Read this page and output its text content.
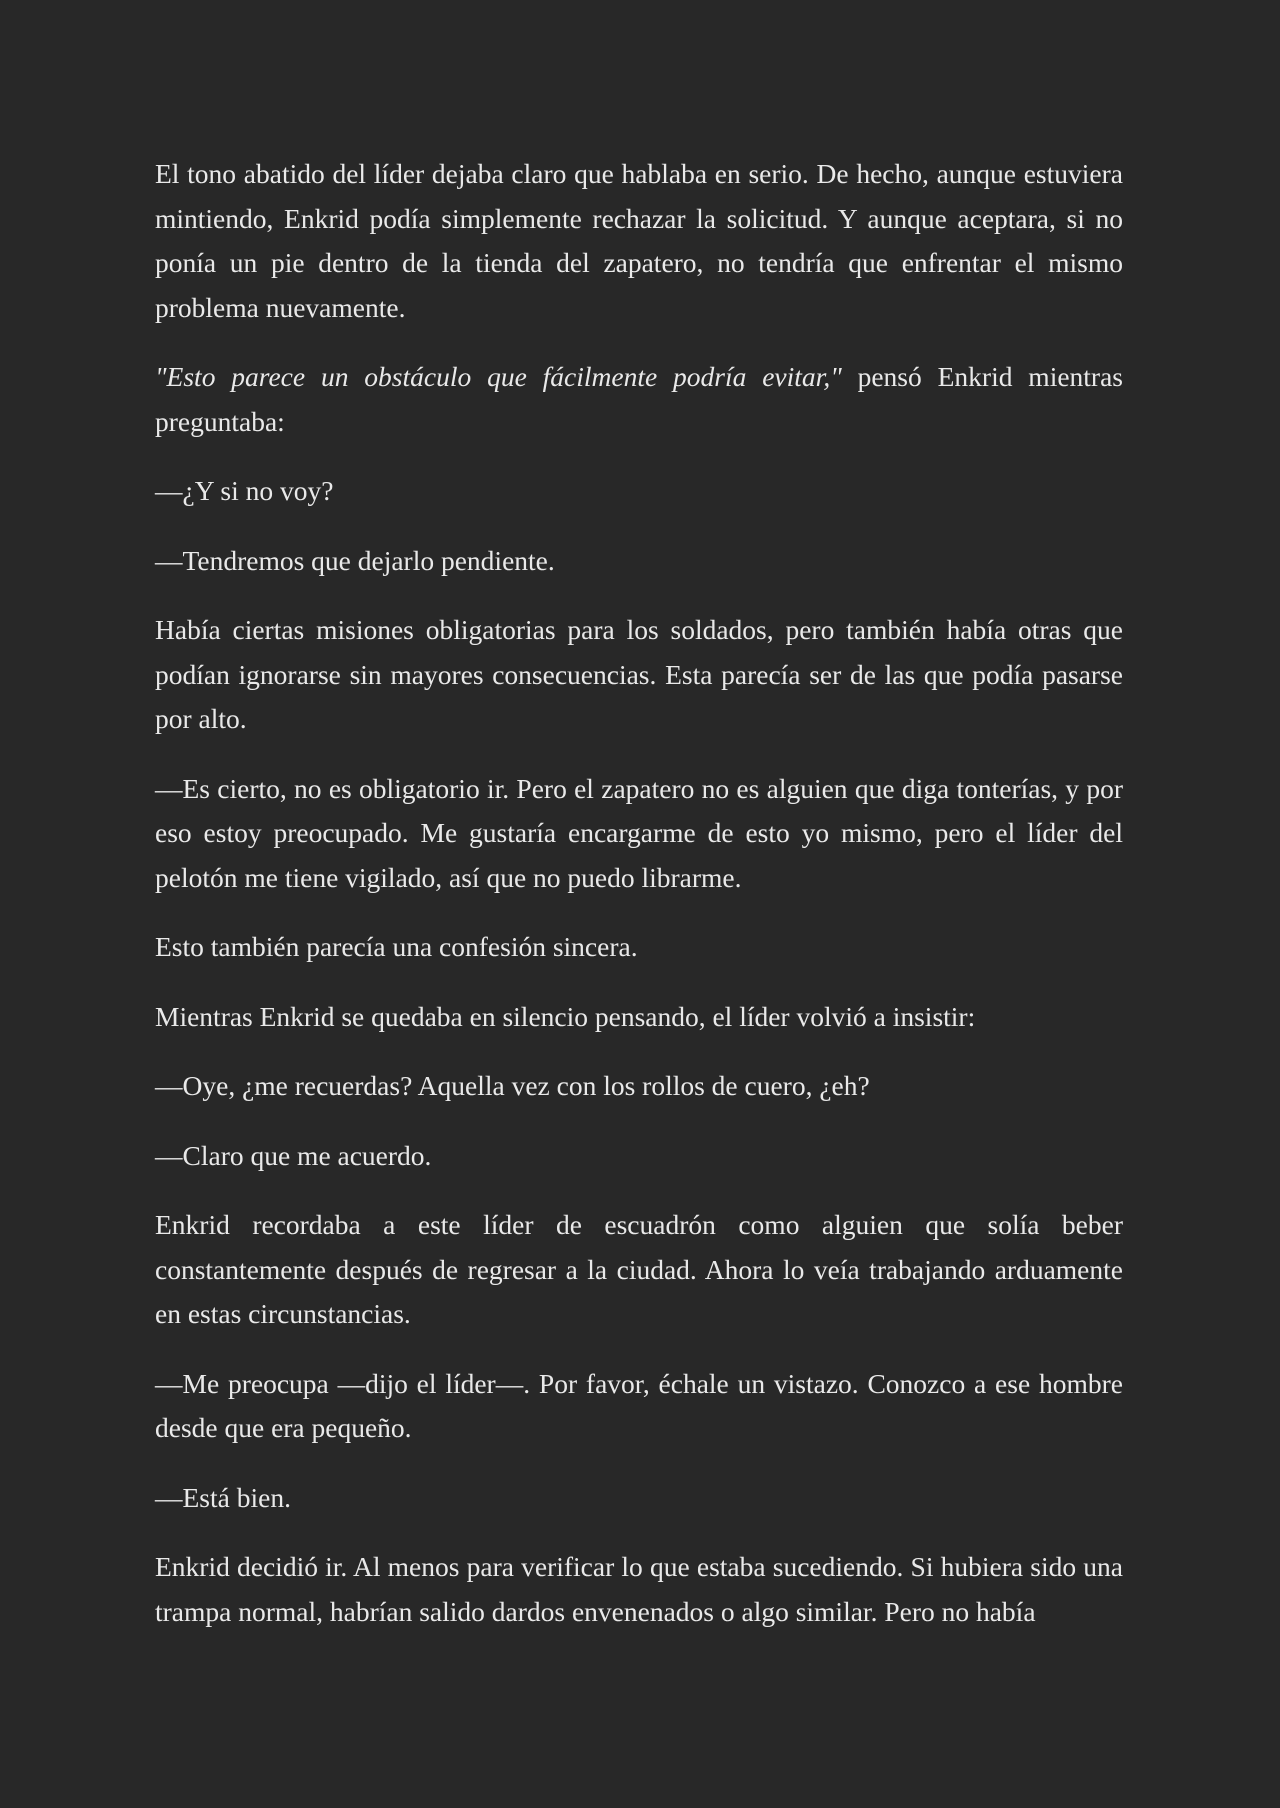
El tono abatido del líder dejaba claro que hablaba en serio. De hecho, aunque estuviera mintiendo, Enkrid podía simplemente rechazar la solicitud. Y aunque aceptara, si no ponía un pie dentro de la tienda del zapatero, no tendría que enfrentar el mismo problema nuevamente.

"Esto parece un obstáculo que fácilmente podría evitar," pensó Enkrid mientras preguntaba:

—¿Y si no voy?

—Tendremos que dejarlo pendiente.

Había ciertas misiones obligatorias para los soldados, pero también había otras que podían ignorarse sin mayores consecuencias. Esta parecía ser de las que podía pasarse por alto.

—Es cierto, no es obligatorio ir. Pero el zapatero no es alguien que diga tonterías, y por eso estoy preocupado. Me gustaría encargarme de esto yo mismo, pero el líder del pelotón me tiene vigilado, así que no puedo librarme.

Esto también parecía una confesión sincera.

Mientras Enkrid se quedaba en silencio pensando, el líder volvió a insistir:

—Oye, ¿me recuerdas? Aquella vez con los rollos de cuero, ¿eh?

—Claro que me acuerdo.

Enkrid recordaba a este líder de escuadrón como alguien que solía beber constantemente después de regresar a la ciudad. Ahora lo veía trabajando arduamente en estas circunstancias.

—Me preocupa —dijo el líder—. Por favor, échale un vistazo. Conozco a ese hombre desde que era pequeño.

—Está bien.

Enkrid decidió ir. Al menos para verificar lo que estaba sucediendo. Si hubiera sido una trampa normal, habrían salido dardos envenenados o algo similar. Pero no había
